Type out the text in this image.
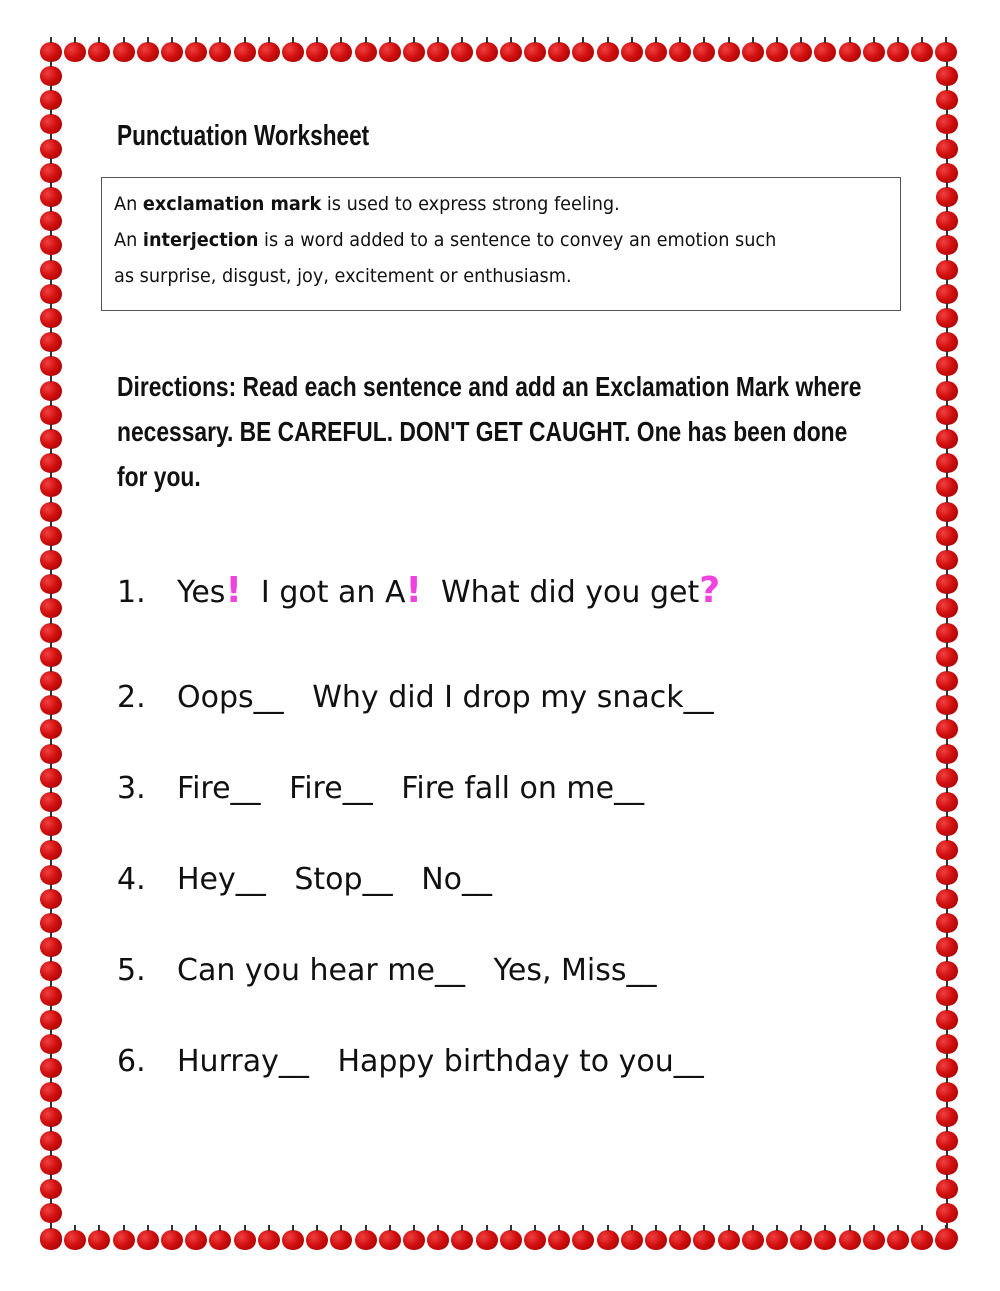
Punctuation Worksheet
An exclamation mark is used to express strong feeling.
An interjection is a word added to a sentence to convey an emotion such
as surprise, disgust, joy, excitement or enthusiasm.
Directions: Read each sentence and add an Exclamation Mark where necessary. BE CAREFUL. DON'T GET CAUGHT. One has been done for you.
1. Yes!  I got an A!  What did you get?
2. Oops__   Why did I drop my snack__
3. Fire__   Fire__   Fire fall on me__
4. Hey__   Stop__   No__
5. Can you hear me__   Yes, Miss__
6. Hurray__   Happy birthday to you__
